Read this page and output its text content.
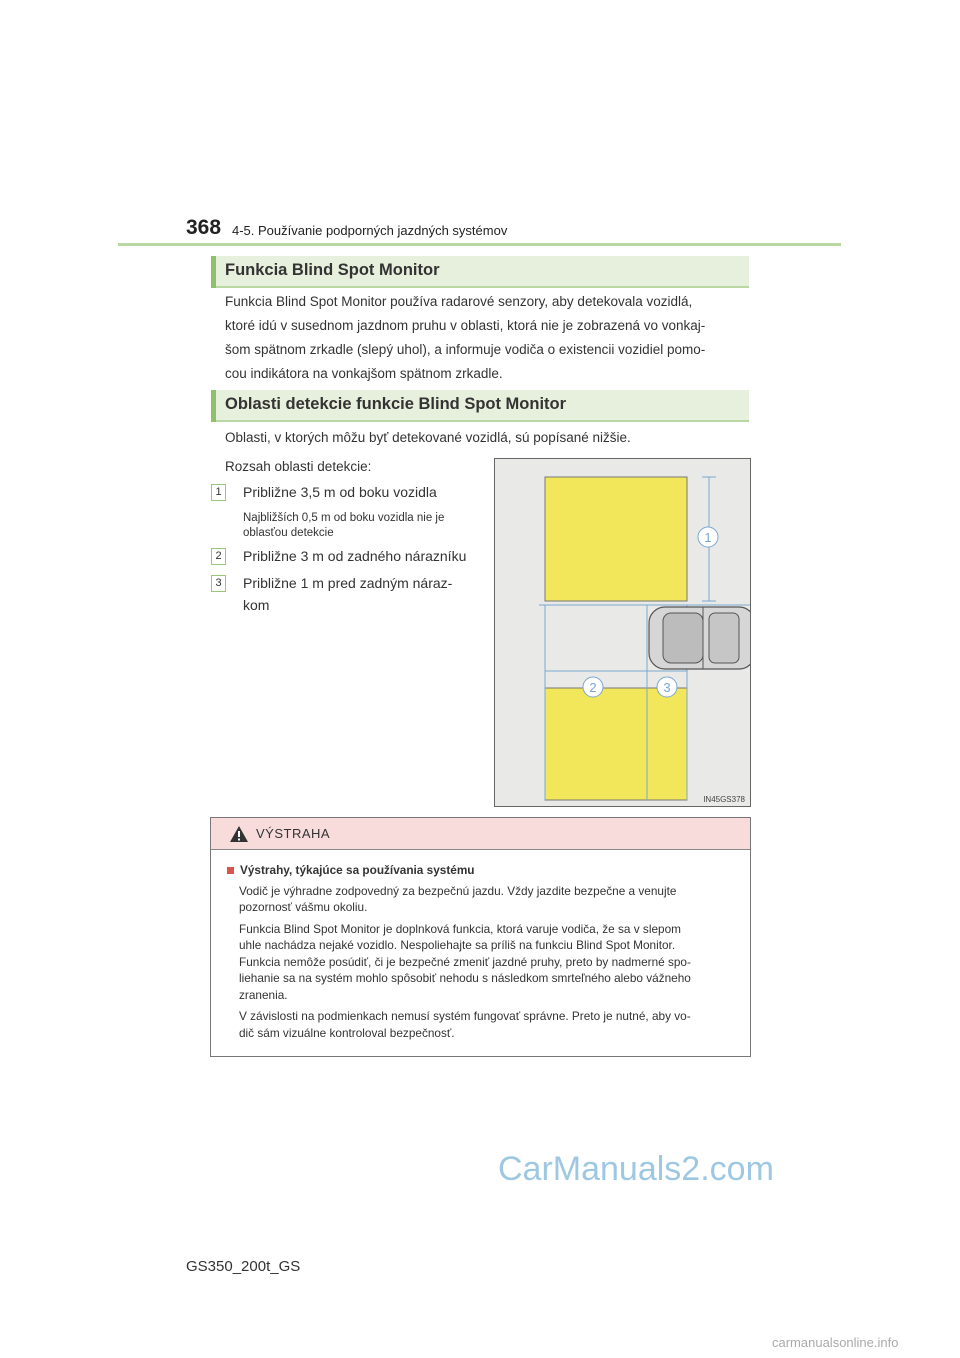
368 4-5. Používanie podporných jazdných systémov
Funkcia Blind Spot Monitor
Funkcia Blind Spot Monitor používa radarové senzory, aby detekovala vozidlá,
ktoré idú v susednom jazdnom pruhu v oblasti, ktorá nie je zobrazená vo vonkaj-
šom spätnom zrkadle (slepý uhol), a informuje vodiča o existencii vozidiel pomo-
cou indikátora na vonkajšom spätnom zrkadle.
Oblasti detekcie funkcie Blind Spot Monitor
Oblasti, v ktorých môžu byť detekované vozidlá, sú popísané nižšie.
Rozsah oblasti detekcie:
1	Približne 3,5 m od boku vozidla
Najbližších 0,5 m od boku vozidla nie je
oblasťou detekcie
2	Približne 3 m od zadného nárazníku
3	Približne 1 m pred zadným náraz-
kom
1
2	3
IN45GS378
VÝSTRAHA
Výstrahy, týkajúce sa používania systému

Vodič je výhradne zodpovedný za bezpečnú jazdu. Vždy jazdite bezpečne a venujte
pozornosť vášmu okoliu.

Funkcia Blind Spot Monitor je doplnková funkcia, ktorá varuje vodiča, že sa v slepom
uhle nachádza nejaké vozidlo. Nespoliehajte sa príliš na funkciu Blind Spot Monitor.
Funkcia nemôže posúdiť, či je bezpečné zmeniť jazdné pruhy, preto by nadmerné spo-
liehanie sa na systém mohlo spôsobiť nehodu s následkom smrteľného alebo vážneho
zranenia.

V závislosti na podmienkach nemusí systém fungovať správne. Preto je nutné, aby vo-
dič sám vizuálne kontroloval bezpečnosť.

CarManuals2.com
GS350_200t_GS
carmanualsonline.info
